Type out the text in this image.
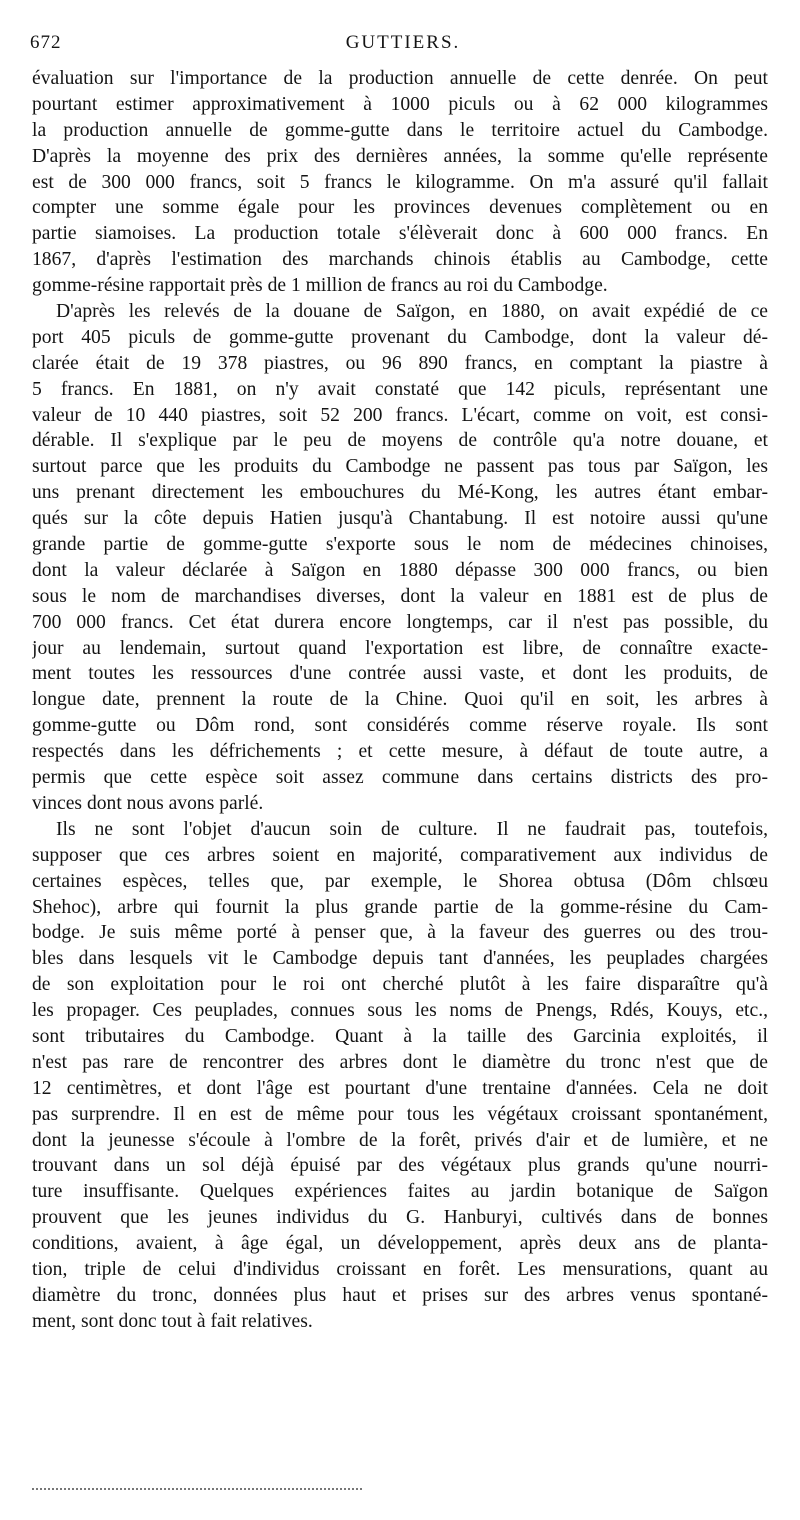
672	GUTTIERS.
évaluation sur l'importance de la production annuelle de cette denrée. On peut
pourtant estimer approximativement à 1000 piculs ou à 62 000 kilogrammes
la production annuelle de gomme-gutte dans le territoire actuel du Cambodge.
D'après la moyenne des prix des dernières années, la somme qu'elle représente
est de 300 000 francs, soit 5 francs le kilogramme. On m'a assuré qu'il fallait
compter une somme égale pour les provinces devenues complètement ou en
partie siamoises. La production totale s'élèverait donc à 600 000 francs. En
1867, d'après l'estimation des marchands chinois établis au Cambodge, cette
gomme-résine rapportait près de 1 million de francs au roi du Cambodge.
D'après les relevés de la douane de Saïgon, en 1880, on avait expédié de ce
port 405 piculs de gomme-gutte provenant du Cambodge, dont la valeur dé-
clarée était de 19 378 piastres, ou 96 890 francs, en comptant la piastre à
5 francs. En 1881, on n'y avait constaté que 142 piculs, représentant une
valeur de 10 440 piastres, soit 52 200 francs. L'écart, comme on voit, est consi-
dérable. Il s'explique par le peu de moyens de contrôle qu'a notre douane, et
surtout parce que les produits du Cambodge ne passent pas tous par Saïgon, les
uns prenant directement les embouchures du Mé-Kong, les autres étant embar-
qués sur la côte depuis Hatien jusqu'à Chantabung. Il est notoire aussi qu'une
grande partie de gomme-gutte s'exporte sous le nom de médecines chinoises,
dont la valeur déclarée à Saïgon en 1880 dépasse 300 000 francs, ou bien
sous le nom de marchandises diverses, dont la valeur en 1881 est de plus de
700 000 francs. Cet état durera encore longtemps, car il n'est pas possible, du
jour au lendemain, surtout quand l'exportation est libre, de connaître exacte-
ment toutes les ressources d'une contrée aussi vaste, et dont les produits, de
longue date, prennent la route de la Chine. Quoi qu'il en soit, les arbres à
gomme-gutte ou Dôm rond, sont considérés comme réserve royale. Ils sont
respectés dans les défrichements ; et cette mesure, à défaut de toute autre, a
permis que cette espèce soit assez commune dans certains districts des pro-
vinces dont nous avons parlé.
Ils ne sont l'objet d'aucun soin de culture. Il ne faudrait pas, toutefois,
supposer que ces arbres soient en majorité, comparativement aux individus de
certaines espèces, telles que, par exemple, le Shorea obtusa (Dôm chlsœu
Shehoc), arbre qui fournit la plus grande partie de la gomme-résine du Cam-
bodge. Je suis même porté à penser que, à la faveur des guerres ou des trou-
bles dans lesquels vit le Cambodge depuis tant d'années, les peuplades chargées
de son exploitation pour le roi ont cherché plutôt à les faire disparaître qu'à
les propager. Ces peuplades, connues sous les noms de Pnengs, Rdés, Kouys, etc.,
sont tributaires du Cambodge. Quant à la taille des Garcinia exploités, il
n'est pas rare de rencontrer des arbres dont le diamètre du tronc n'est que de
12 centimètres, et dont l'âge est pourtant d'une trentaine d'années. Cela ne doit
pas surprendre. Il en est de même pour tous les végétaux croissant spontanément,
dont la jeunesse s'écoule à l'ombre de la forêt, privés d'air et de lumière, et ne
trouvant dans un sol déjà épuisé par des végétaux plus grands qu'une nourri-
ture insuffisante. Quelques expériences faites au jardin botanique de Saïgon
prouvent que les jeunes individus du G. Hanburyi, cultivés dans de bonnes
conditions, avaient, à âge égal, un développement, après deux ans de planta-
tion, triple de celui d'individus croissant en forêt. Les mensurations, quant au
diamètre du tronc, données plus haut et prises sur des arbres venus spontané-
ment, sont donc tout à fait relatives.
